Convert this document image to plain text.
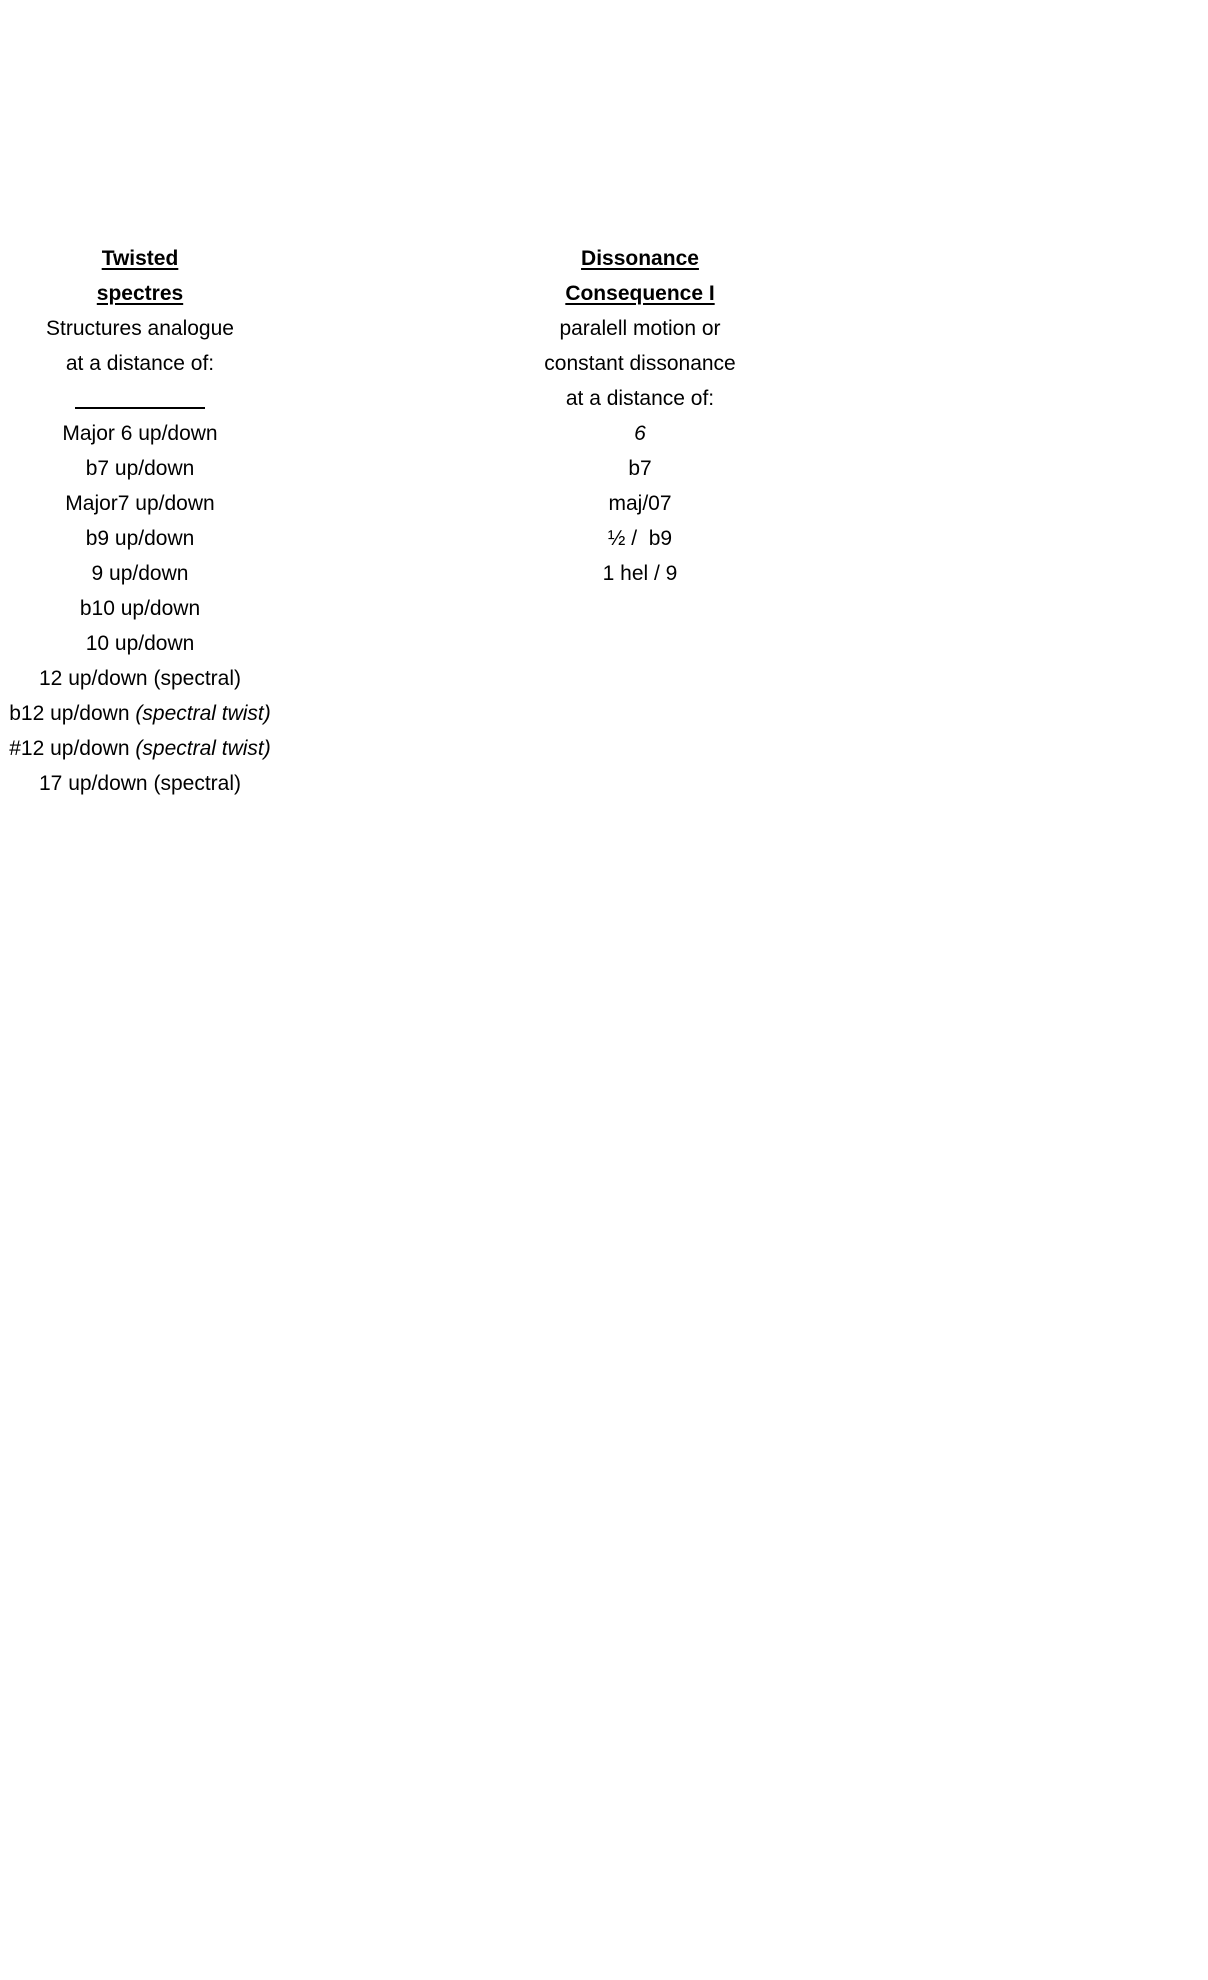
Twisted
spectres
Structures analogue
at a distance of:
Major 6 up/down
b7 up/down
Major7 up/down
b9 up/down
9 up/down
b10 up/down
10 up/down
12 up/down (spectral)
b12 up/down (spectral twist)
#12 up/down (spectral twist)
17 up/down (spectral)
Dissonance
Consequence I
paralell motion or
constant dissonance
at a distance of:
6
b7
maj/07
½ /  b9
1 hel / 9
